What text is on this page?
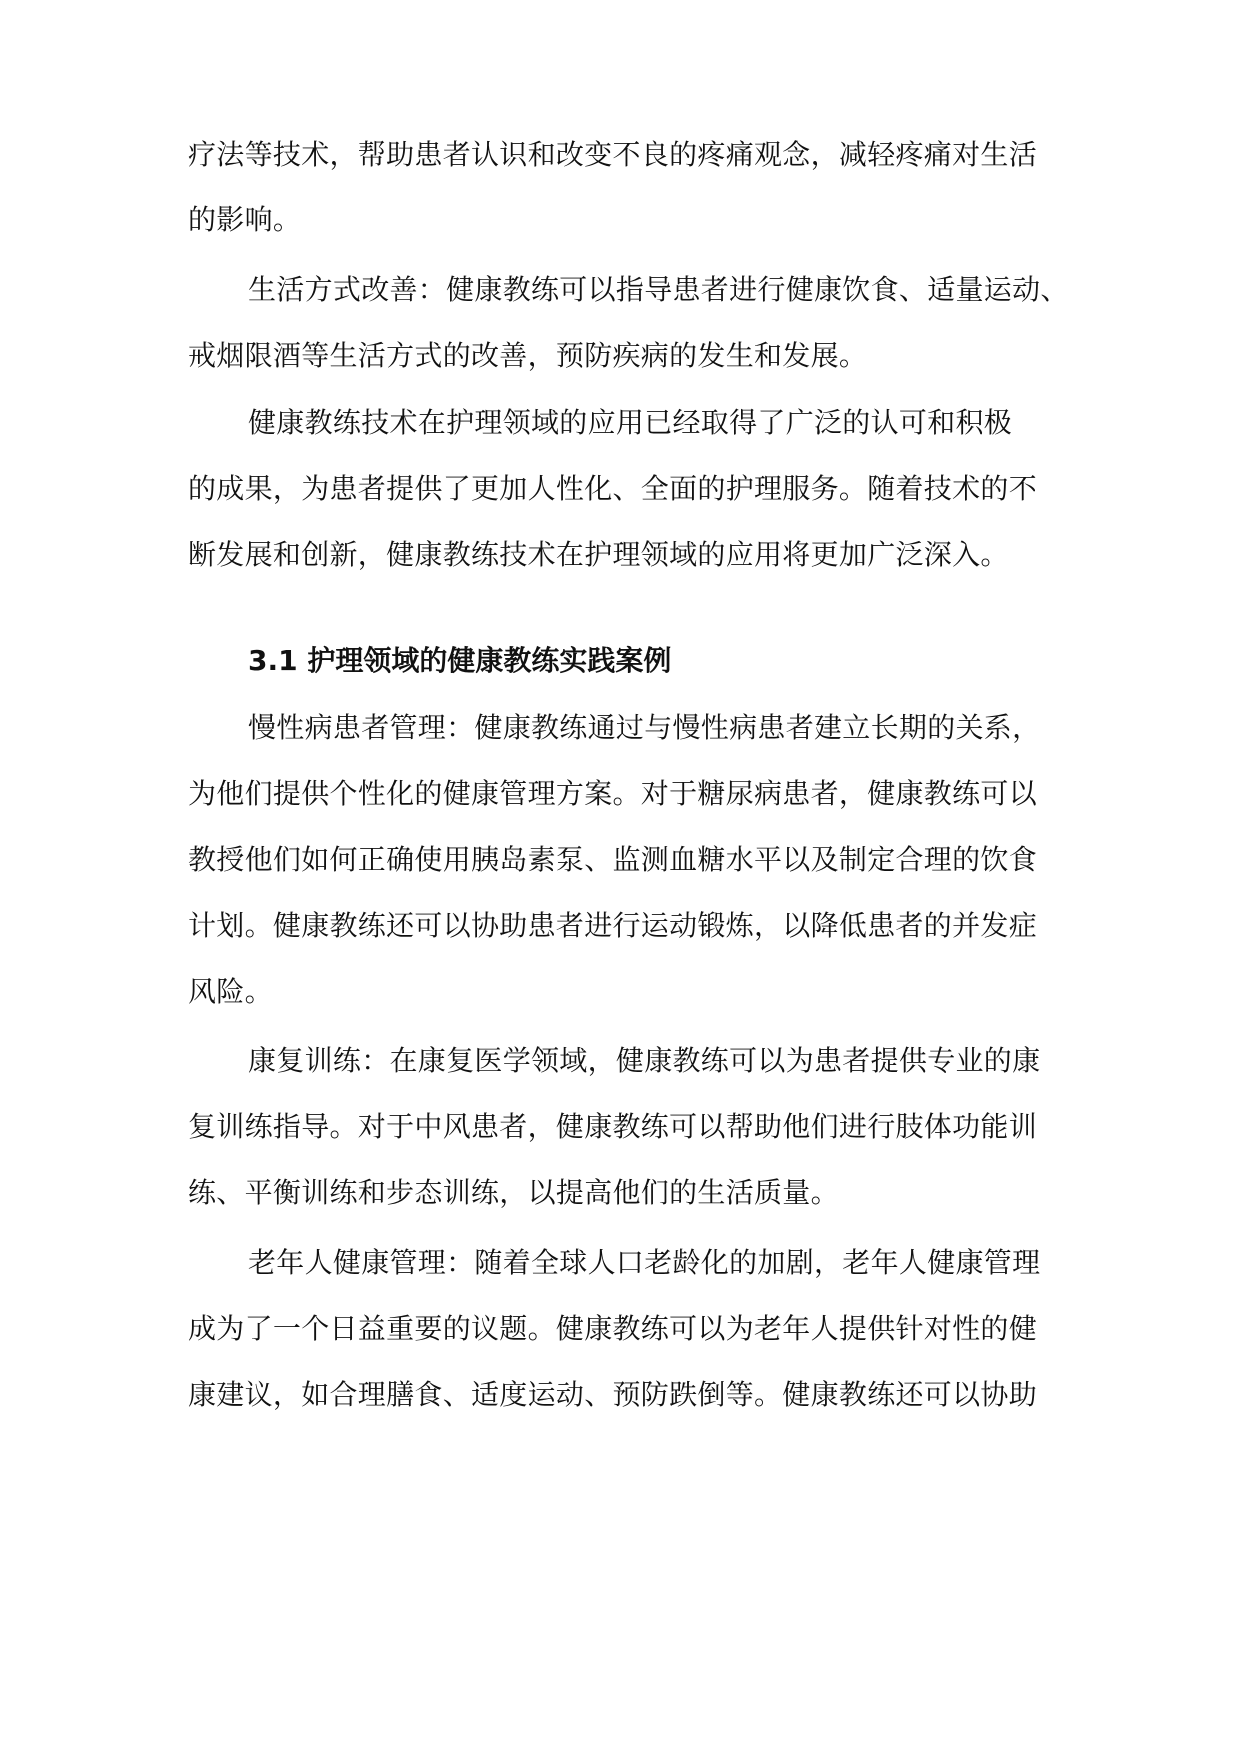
疗法等技术，帮助患者认识和改变不良的疼痛观念，减轻疼痛对生活
的影响。
生活方式改善：健康教练可以指导患者进行健康饮食、适量运动、
戒烟限酒等生活方式的改善，预防疾病的发生和发展。
健康教练技术在护理领域的应用已经取得了广泛的认可和积极
的成果，为患者提供了更加人性化、全面的护理服务。随着技术的不
断发展和创新，健康教练技术在护理领域的应用将更加广泛深入。
3.1 护理领域的健康教练实践案例
慢性病患者管理：健康教练通过与慢性病患者建立长期的关系，
为他们提供个性化的健康管理方案。对于糖尿病患者，健康教练可以
教授他们如何正确使用胰岛素泵、监测血糖水平以及制定合理的饮食
计划。健康教练还可以协助患者进行运动锻炼，以降低患者的并发症
风险。
康复训练：在康复医学领域，健康教练可以为患者提供专业的康
复训练指导。对于中风患者，健康教练可以帮助他们进行肢体功能训
练、平衡训练和步态训练，以提高他们的生活质量。
老年人健康管理：随着全球人口老龄化的加剧，老年人健康管理
成为了一个日益重要的议题。健康教练可以为老年人提供针对性的健
康建议，如合理膳食、适度运动、预防跌倒等。健康教练还可以协助
